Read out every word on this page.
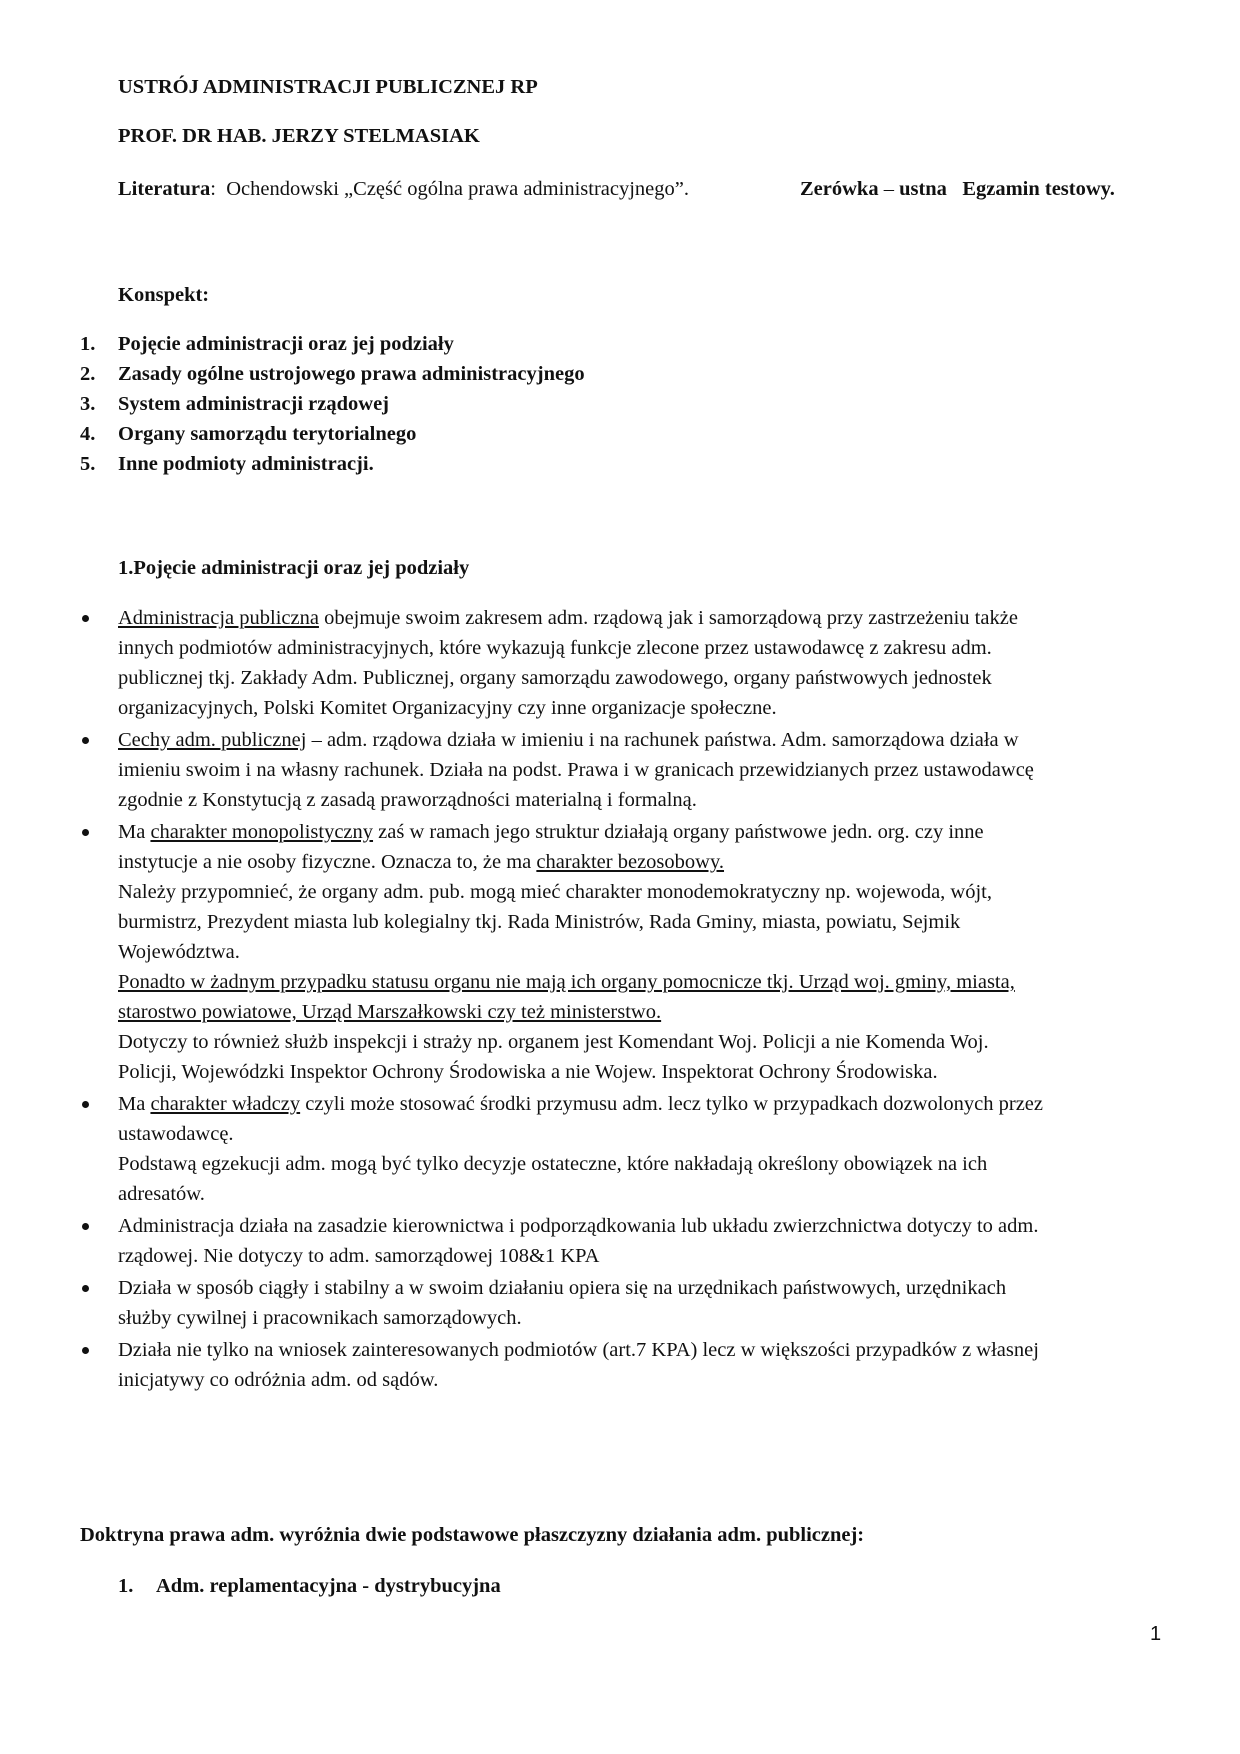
USTRÓJ ADMINISTRACJI PUBLICZNEJ RP
PROF. DR HAB. JERZY STELMASIAK
Literatura: Ochendowski „Część ogólna prawa administracyjnego”.	Zerówka – ustna Egzamin testowy.
Konspekt:
1. Pojęcie administracji oraz jej podziały
2. Zasady ogólne ustrojowego prawa administracyjnego
3. System administracji rządowej
4. Organy samorządu terytorialnego
5. Inne podmioty administracji.
1.Pojęcie administracji oraz jej podziały
Administracja publiczna obejmuje swoim zakresem adm. rządową jak i samorządową przy zastrzeżeniu także
innych podmiotów administracyjnych, które wykazują funkcje zlecone przez ustawodawcę z zakresu adm.
publicznej tkj. Zakłady Adm. Publicznej, organy samorządu zawodowego, organy państwowych jednostek
organizacyjnych, Polski Komitet Organizacyjny czy inne organizacje społeczne.
Cechy adm. publicznej – adm. rządowa działa w imieniu i na rachunek państwa. Adm. samorządowa działa w
imieniu swoim i na własny rachunek. Działa na podst. Prawa i w granicach przewidzianych przez ustawodawcę
zgodnie z Konstytucją z zasadą praworządności materialną i formalną.
Ma charakter monopolistyczny zaś w ramach jego struktur działają organy państwowe jedn. org. czy inne
instytucje a nie osoby fizyczne. Oznacza to, że ma charakter bezosobowy.
Należy przypomnieć, że organy adm. pub. mogą mieć charakter monodemokratyczny np. wojewoda, wójt,
burmistrz, Prezydent miasta lub kolegialny tkj. Rada Ministrów, Rada Gminy, miasta, powiatu, Sejmik
Województwa.
Ponadto w żadnym przypadku statusu organu nie mają ich organy pomocnicze tkj. Urząd woj. gminy, miasta,
starostwo powiatowe, Urząd Marszałkowski czy też ministerstwo.
Dotyczy to również służb inspekcji i straży np. organem jest Komendant Woj. Policji a nie Komenda Woj.
Policji, Wojewódzki Inspektor Ochrony Środowiska a nie Wojew. Inspektorat Ochrony Środowiska.
Ma charakter władczy czyli może stosować środki przymusu adm. lecz tylko w przypadkach dozwolonych przez
ustawodawcę.
Podstawą egzekucji adm. mogą być tylko decyzje ostateczne, które nakładają określony obowiązek na ich
adresatów.
Administracja działa na zasadzie kierownictwa i podporządkowania lub układu zwierzchnictwa dotyczy to adm.
rządowej. Nie dotyczy to adm. samorządowej 108&1 KPA
Działa w sposób ciągły i stabilny a w swoim działaniu opiera się na urzędnikach państwowych, urzędnikach
służby cywilnej i pracownikach samorządowych.
Działa nie tylko na wniosek zainteresowanych podmiotów (art.7 KPA) lecz w większości przypadków z własnej
inicjatywy co odróżnia adm. od sądów.
Doktryna prawa adm. wyróżnia dwie podstawowe płaszczyzny działania adm. publicznej:
1. Adm. replamentacyjna - dystrybucyjna
1
